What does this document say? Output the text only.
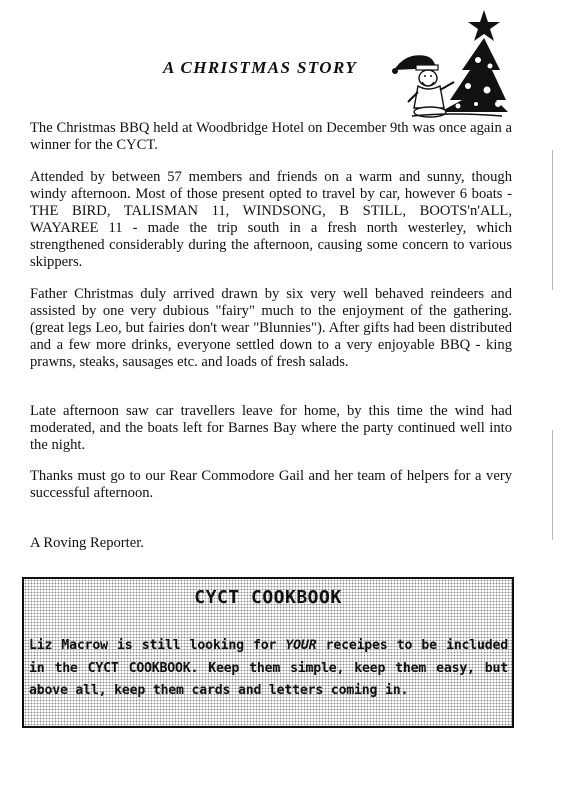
A CHRISTMAS STORY

The Christmas BBQ held at Woodbridge Hotel on December 9th was once again a winner for the CYCT.

Attended by between 57 members and friends on a warm and sunny, though windy afternoon. Most of those present opted to travel by car, however 6 boats - THE BIRD, TALISMAN 11, WINDSONG, B STILL, BOOTS'n'ALL, WAYAREE 11 - made the trip south in a fresh north westerley, which strengthened considerably during the afternoon, causing some concern to various skippers.

Father Christmas duly arrived drawn by six very well behaved reindeers and assisted by one very dubious "fairy" much to the enjoyment of the gathering. (great legs Leo, but fairies don't wear "Blunnies"). After gifts had been distributed and a few more drinks, everyone settled down to a very enjoyable BBQ - king prawns, steaks, sausages etc. and loads of fresh salads.

Late afternoon saw car travellers leave for home, by this time the wind had moderated, and the boats left for Barnes Bay where the party continued well into the night.

Thanks must go to our Rear Commodore Gail and her team of helpers for a very successful afternoon.

A Roving Reporter.

CYCT COOKBOOK

Liz Macrow is still looking for YOUR receipes to be included in the CYCT COOKBOOK. Keep them simple, keep them easy, but above all, keep them cards and letters coming in.
